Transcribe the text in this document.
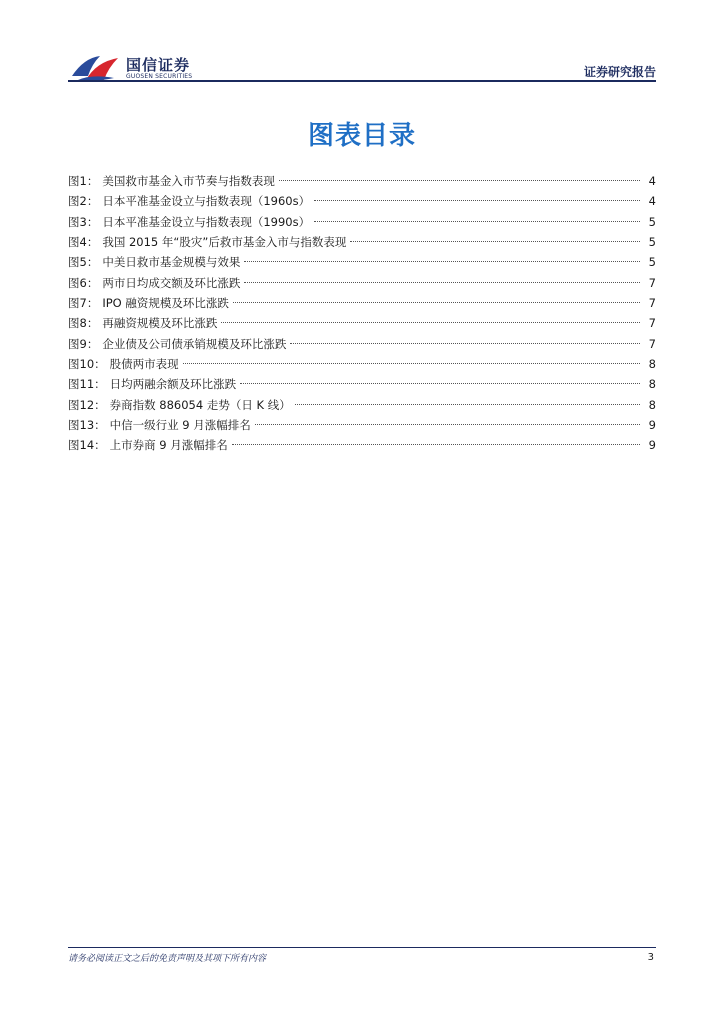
国信证券
GUOSEN SECURITIES	证券研究报告
图表目录
图1： 美国救市基金入市节奏与指数表现	4
图2： 日本平准基金设立与指数表现（1960s）	4
图3： 日本平准基金设立与指数表现（1990s）	5
图4： 我国 2015 年“股灾”后救市基金入市与指数表现	5
图5： 中美日救市基金规模与效果	5
图6： 两市日均成交额及环比涨跌	7
图7： IPO 融资规模及环比涨跌	7
图8： 再融资规模及环比涨跌	7
图9： 企业债及公司债承销规模及环比涨跌	7
图10： 股债两市表现	8
图11： 日均两融余额及环比涨跌	8
图12： 券商指数 886054 走势（日 K 线）	8
图13： 中信一级行业 9 月涨幅排名	9
图14： 上市券商 9 月涨幅排名	9
请务必阅读正文之后的免责声明及其项下所有内容	3
